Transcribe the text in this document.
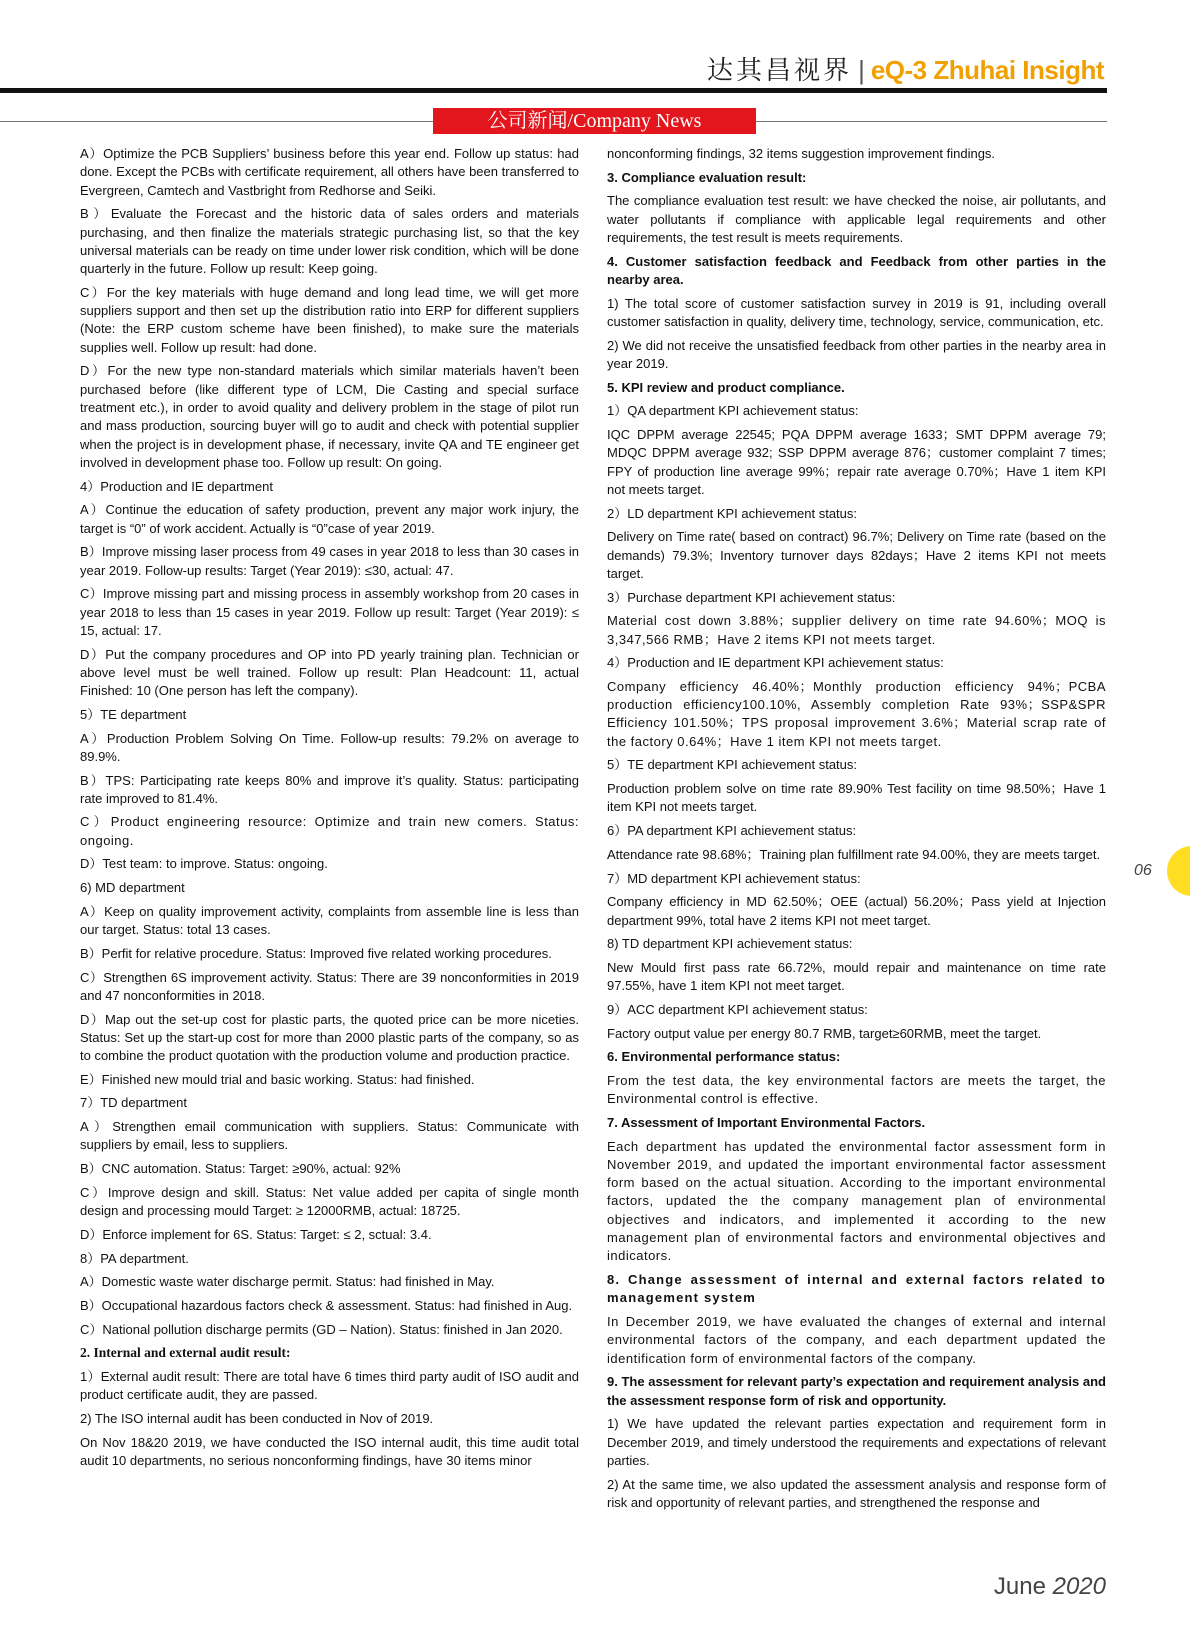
达其昌视界 | eQ-3 Zhuhai Insight
公司新闻/Company News

A）Optimize the PCB Suppliers’ business before this year end. Follow up status: had done. Except the PCBs with certificate requirement, all others have been transferred to Evergreen, Camtech and Vastbright from Redhorse and Seiki.

B）Evaluate the Forecast and the historic data of sales orders and materials purchasing, and then finalize the materials strategic purchasing list, so that the key universal materials can be ready on time under lower risk condition, which will be done quarterly in the future. Follow up result: Keep going.

C）For the key materials with huge demand and long lead time, we will get more suppliers support and then set up the distribution ratio into ERP for different suppliers (Note: the ERP custom scheme have been finished), to make sure the materials supplies well. Follow up result: had done.

D）For the new type non-standard materials which similar materials haven’t been purchased before (like different type of LCM, Die Casting and special surface treatment etc.), in order to avoid quality and delivery problem in the stage of pilot run and mass production, sourcing buyer will go to audit and check with potential supplier when the project is in development phase, if necessary, invite QA and TE engineer get involved in development phase too. Follow up result: On going.

4）Production and IE department

A）Continue the education of safety production, prevent any major work injury, the target is “0” of work accident. Actually is “0”case of year 2019.

B）Improve missing laser process from 49 cases in year 2018 to less than 30 cases in year 2019. Follow-up results: Target (Year 2019): ≤30, actual: 47.

C）Improve missing part and missing process in assembly workshop from 20 cases in year 2018 to less than 15 cases in year 2019. Follow up result: Target (Year 2019): ≤ 15, actual: 17.

D）Put the company procedures and OP into PD yearly training plan. Technician or above level must be well trained. Follow up result: Plan Headcount: 11, actual Finished: 10 (One person has left the company).

5）TE department

A）Production Problem Solving On Time. Follow-up results: 79.2% on average to 89.9%.

B）TPS: Participating rate keeps 80% and improve it’s quality. Status: participating rate improved to 81.4%.

C）Product engineering resource: Optimize and train new comers. Status: ongoing.

D）Test team: to improve. Status: ongoing.

6) MD department

A）Keep on quality improvement activity, complaints from assemble line is less than our target. Status: total 13 cases.

B）Perfit for relative procedure. Status: Improved five related working procedures.

C）Strengthen 6S improvement activity. Status: There are 39 nonconformities in 2019 and 47 nonconformities in 2018.

D）Map out the set-up cost for plastic parts, the quoted price can be more niceties. Status: Set up the start-up cost for more than 2000 plastic parts of the company, so as to combine the product quotation with the production volume and production practice.

E）Finished new mould trial and basic working. Status: had finished.

7）TD department

A）Strengthen email communication with suppliers. Status: Communicate with suppliers by email, less to suppliers.

B）CNC automation. Status: Target: ≥90%, actual: 92%

C）Improve design and skill. Status: Net value added per capita of single month design and processing mould Target: ≥ 12000RMB, actual: 18725.

D）Enforce implement for 6S. Status: Target: ≤ 2, sctual: 3.4.

8）PA department.

A）Domestic waste water discharge permit. Status: had finished in May.

B）Occupational hazardous factors check & assessment. Status: had finished in Aug.

C）National pollution discharge permits (GD – Nation). Status: finished in Jan 2020.

2. Internal and external audit result:

1）External audit result: There are total have 6 times third party audit of ISO audit and product certificate audit, they are passed.

2) The ISO internal audit has been conducted in Nov of 2019.

On Nov 18&20 2019, we have conducted the ISO internal audit, this time audit total audit 10 departments, no serious nonconforming findings, have 30 items minor

nonconforming findings, 32 items suggestion improvement findings.

3. Compliance evaluation result:

The compliance evaluation test result: we have checked the noise, air pollutants, and water pollutants if compliance with applicable legal requirements and other requirements, the test result is meets requirements.

4. Customer satisfaction feedback and Feedback from other parties in the nearby area.

1) The total score of customer satisfaction survey in 2019 is 91, including overall customer satisfaction in quality, delivery time, technology, service, communication, etc.

2) We did not receive the unsatisfied feedback from other parties in the nearby area in year 2019.

5. KPI review and product compliance.

1）QA department KPI achievement status:

IQC DPPM average 22545; PQA DPPM average 1633；SMT DPPM average 79; MDQC DPPM average 932; SSP DPPM average 876；customer complaint 7 times; FPY of production line average 99%；repair rate average 0.70%；Have 1 item KPI not meets target.

2）LD department KPI achievement status:

Delivery on Time rate( based on contract) 96.7%; Delivery on Time rate (based on the demands) 79.3%; Inventory turnover days 82days；Have 2 items KPI not meets target.

3）Purchase department KPI achievement status:

Material cost down 3.88%；supplier delivery on time rate 94.60%；MOQ is 3,347,566 RMB；Have 2 items KPI not meets target.

4）Production and IE department KPI achievement status:

Company efficiency 46.40%；Monthly production efficiency 94%；PCBA production efficiency100.10%, Assembly completion Rate 93%；SSP&SPR Efficiency 101.50%；TPS proposal improvement 3.6%；Material scrap rate of the factory 0.64%；Have 1 item KPI not meets target.

5）TE department KPI achievement status:

Production problem solve on time rate 89.90% Test facility on time 98.50%；Have 1 item KPI not meets target.

6）PA department KPI achievement status:

Attendance rate 98.68%；Training plan fulfillment rate 94.00%, they are meets target.

7）MD department KPI achievement status:

Company efficiency in MD 62.50%；OEE (actual) 56.20%；Pass yield at Injection department 99%, total have 2 items KPI not meet target.

8) TD department KPI achievement status:

New Mould first pass rate 66.72%, mould repair and maintenance on time rate 97.55%, have 1 item KPI not meet target.

9）ACC department KPI achievement status:

Factory output value per energy 80.7 RMB, target≥60RMB, meet the target.

6. Environmental performance status:

From the test data, the key environmental factors are meets the target, the Environmental control is effective.

7. Assessment of Important Environmental Factors.

Each department has updated the environmental factor assessment form in November 2019, and updated the important environmental factor assessment form based on the actual situation. According to the important environmental factors, updated the the company management plan of environmental objectives and indicators, and implemented it according to the new management plan of environmental factors and environmental objectives and indicators.

8. Change assessment of internal and external factors related to management system

In December 2019, we have evaluated the changes of external and internal environmental factors of the company, and each department updated the identification form of environmental factors of the company.

9. The assessment for relevant party’s expectation and requirement analysis and the assessment response form of risk and opportunity.

1) We have updated the relevant parties expectation and requirement form in December 2019, and timely understood the requirements and expectations of relevant parties.

2) At the same time, we also updated the assessment analysis and response form of risk and opportunity of relevant parties, and strengthened the response and

06
June 2020
